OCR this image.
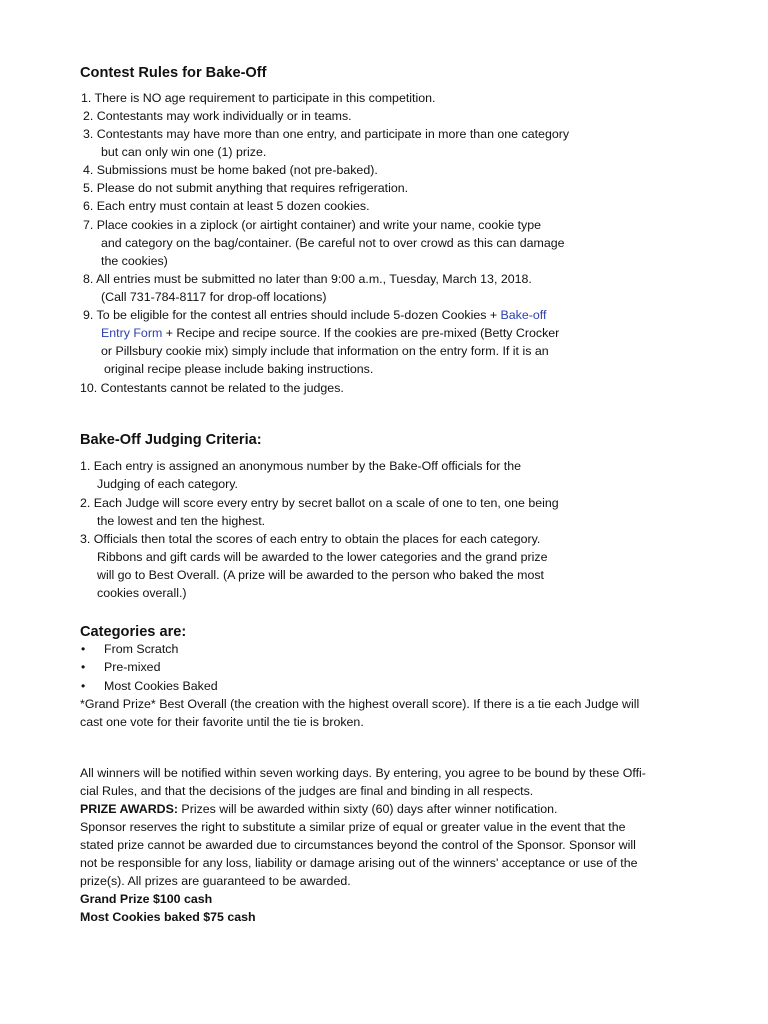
Contest Rules for Bake-Off
1. There is NO age requirement to participate in this competition.
2. Contestants may work individually or in teams.
3. Contestants may have more than one entry, and participate in more than one category
but can only win one (1) prize.
4. Submissions must be home baked (not pre-baked).
5. Please do not submit anything that requires refrigeration.
6. Each entry must contain at least 5 dozen cookies.
7. Place cookies in a ziplock (or airtight container) and write your name, cookie type
and category on the bag/container. (Be careful not to over crowd as this can damage
the cookies)
8. All entries must be submitted no later than 9:00 a.m., Tuesday, March 13, 2018.
(Call 731-784-8117 for drop-off locations)
9. To be eligible for the contest all entries should include 5-dozen Cookies + Bake-off
Entry Form + Recipe and recipe source. If the cookies are pre-mixed (Betty Crocker
or Pillsbury cookie mix) simply include that information on the entry form. If it is an
original recipe please include baking instructions.
10. Contestants cannot be related to the judges.
Bake-Off Judging Criteria:
1. Each entry is assigned an anonymous number by the Bake-Off officials for the
Judging of each category.
2. Each Judge will score every entry by secret ballot on a scale of one to ten, one being
the lowest and ten the highest.
3. Officials then total the scores of each entry to obtain the places for each category.
Ribbons and gift cards will be awarded to the lower categories and the grand prize
will go to Best Overall. (A prize will be awarded to the person who baked the most
cookies overall.)
Categories are:
• From Scratch
• Pre-mixed
• Most Cookies Baked
*Grand Prize* Best Overall (the creation with the highest overall score). If there is a tie each Judge will
cast one vote for their favorite until the tie is broken.
All winners will be notified within seven working days. By entering, you agree to be bound by these Offi-
cial Rules, and that the decisions of the judges are final and binding in all respects.
PRIZE AWARDS: Prizes will be awarded within sixty (60) days after winner notification.
Sponsor reserves the right to substitute a similar prize of equal or greater value in the event that the
stated prize cannot be awarded due to circumstances beyond the control of the Sponsor. Sponsor will
not be responsible for any loss, liability or damage arising out of the winners' acceptance or use of the
prize(s). All prizes are guaranteed to be awarded.
Grand Prize $100 cash
Most Cookies baked $75 cash
